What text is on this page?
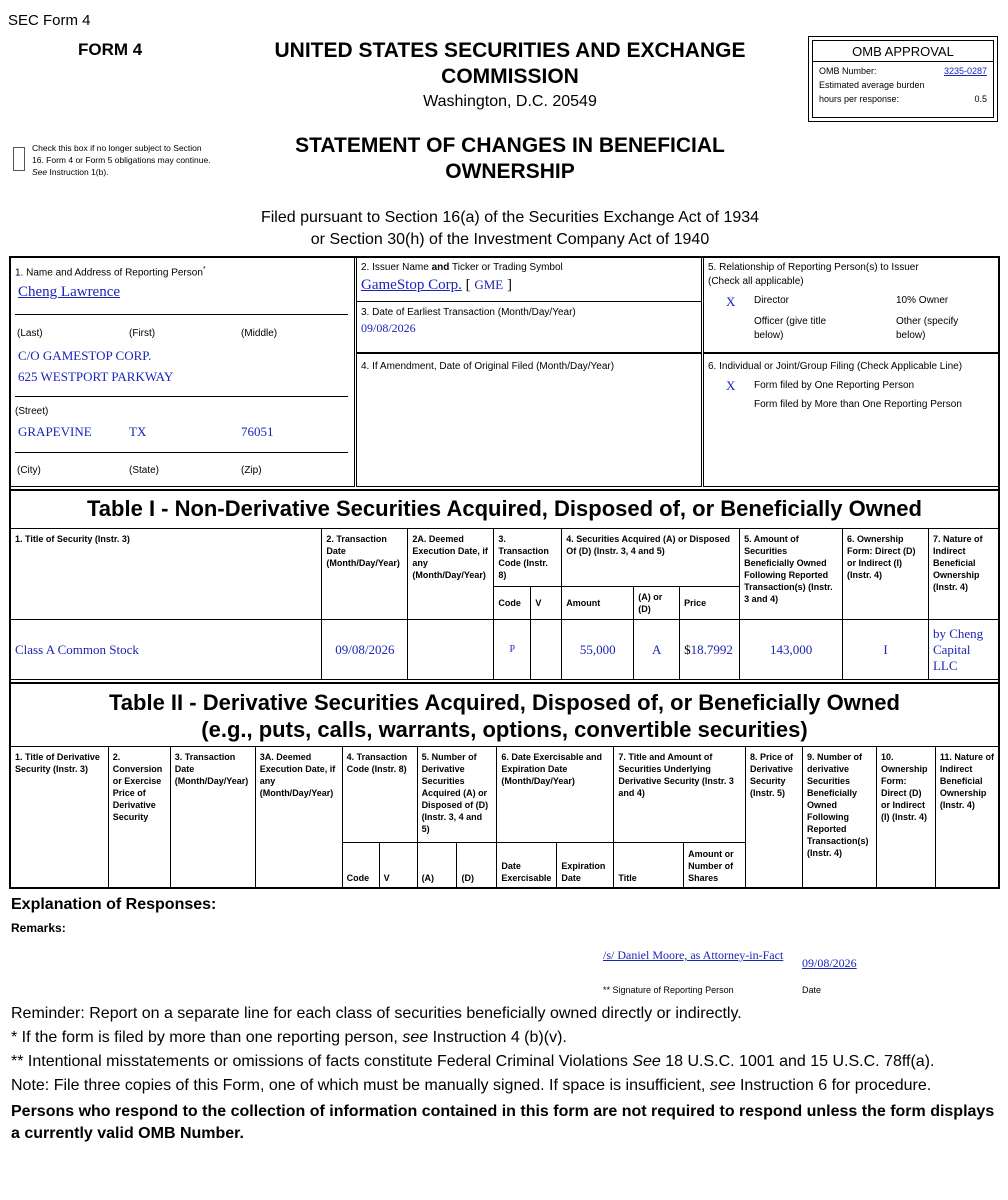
SEC Form 4
FORM 4	UNITED STATES SECURITIES AND EXCHANGE
COMMISSION
Washington, D.C. 20549
OMB APPROVAL
OMB Number:	3235-0287
Estimated average burden
hours per response:	0.5
Check this box if no longer subject to Section 16. Form 4 or Form 5 obligations may continue. See Instruction 1(b).
STATEMENT OF CHANGES IN BENEFICIAL
OWNERSHIP
Filed pursuant to Section 16(a) of the Securities Exchange Act of 1934
or Section 30(h) of the Investment Company Act of 1940
1. Name and Address of Reporting Person*
Cheng Lawrence
(Last)	(First)	(Middle)
C/O GAMESTOP CORP.
625 WESTPORT PARKWAY
(Street)
GRAPEVINE	TX	76051
(City)	(State)	(Zip)
2. Issuer Name and Ticker or Trading Symbol
GameStop Corp. [ GME ]
3. Date of Earliest Transaction (Month/Day/Year)
09/08/2026
4. If Amendment, Date of Original Filed (Month/Day/Year)
5. Relationship of Reporting Person(s) to Issuer
(Check all applicable)
X Director	10% Owner
Officer (give title below)
Other (specify below)
6. Individual or Joint/Group Filing (Check Applicable Line)
X Form filed by One Reporting Person
Form filed by More than One Reporting Person
Table I - Non-Derivative Securities Acquired, Disposed of, or Beneficially Owned
1. Title of Security (Instr. 3)	2. Transaction Date (Month/Day/Year)	2A. Deemed Execution Date, if any (Month/Day/Year)	3. Transaction Code (Instr. 8)		4. Securities Acquired (A) or Disposed Of (D) (Instr. 3, 4 and 5)			5. Amount of Securities Beneficially Owned Following Reported Transaction(s) (Instr. 3 and 4)	6. Ownership Form: Direct (D) or Indirect (I) (Instr. 4)	7. Nature of Indirect Beneficial Ownership (Instr. 4)
			Code	V	Amount	(A) or (D)	Price			
Class A Common Stock	09/08/2026		P		55,000	A	$18.7992	143,000	I	by Cheng Capital LLC
Table II - Derivative Securities Acquired, Disposed of, or Beneficially Owned
(e.g., puts, calls, warrants, options, convertible securities)
1. Title of Derivative Security (Instr. 3)	2. Conversion or Exercise Price of Derivative Security	3. Transaction Date (Month/Day/Year)	3A. Deemed Execution Date, if any (Month/Day/Year)	4. Transaction Code (Instr. 8)		5. Number of Derivative Securities Acquired (A) or Disposed of (D) (Instr. 3, 4 and 5)		6. Date Exercisable and Expiration Date (Month/Day/Year)		7. Title and Amount of Securities Underlying Derivative Security (Instr. 3 and 4)		8. Price of Derivative Security (Instr. 5)	9. Number of derivative Securities Beneficially Owned Following Reported Transaction(s) (Instr. 4)	10. Ownership Form: Direct (D) or Indirect (I) (Instr. 4)	11. Nature of Indirect Beneficial Ownership (Instr. 4)
				Code	V	(A)	(D)	Date Exercisable	Expiration Date	Title	Amount or Number of Shares				
Explanation of Responses:
Remarks:
/s/ Daniel Moore, as Attorney-in-Fact
09/08/2026
** Signature of Reporting Person	Date
Reminder: Report on a separate line for each class of securities beneficially owned directly or indirectly.
* If the form is filed by more than one reporting person, see Instruction 4 (b)(v).
** Intentional misstatements or omissions of facts constitute Federal Criminal Violations See 18 U.S.C. 1001 and 15 U.S.C. 78ff(a).
Note: File three copies of this Form, one of which must be manually signed. If space is insufficient, see Instruction 6 for procedure.
Persons who respond to the collection of information contained in this form are not required to respond unless the form displays a currently valid OMB Number.
